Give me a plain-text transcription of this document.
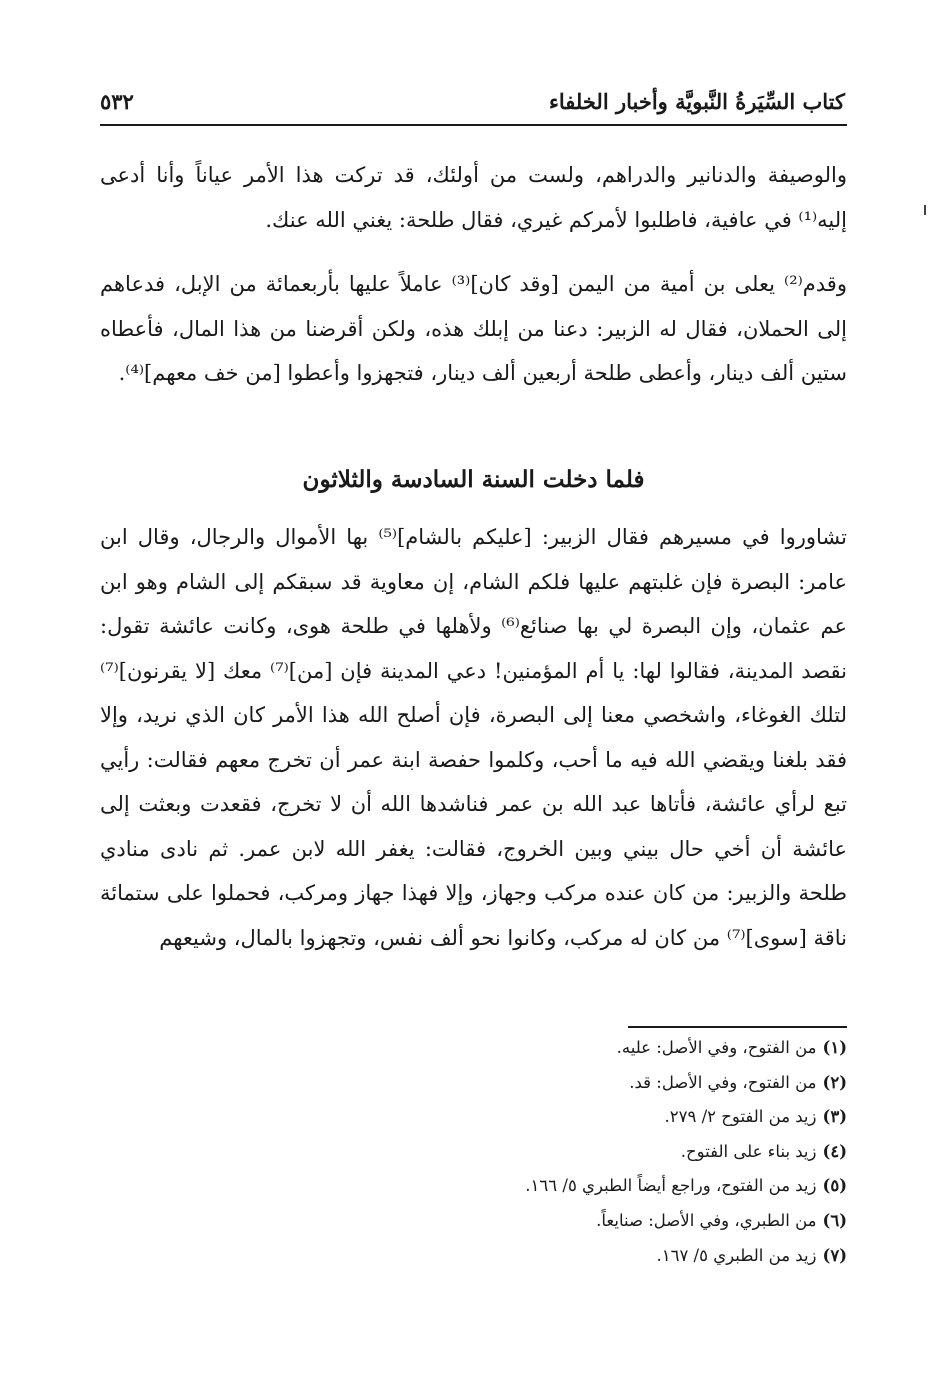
كتاب السِّيَرةُ النَّبويَّة وأخبار الخلفاء
٥٣٢
والوصيفة والدنانير والدراهم، ولست من أولئك، قد تركت هذا الأمر عياناً وأنا أدعى إليه⁽¹⁾ في عافية، فاطلبوا لأمركم غيري، فقال طلحة: يغني الله عنك.
وقدم⁽²⁾ يعلى بن أمية من اليمن [وقد كان]⁽³⁾ عاملاً عليها بأربعمائة من الإبل، فدعاهم إلى الحملان، فقال له الزبير: دعنا من إبلك هذه، ولكن أقرضنا من هذا المال، فأعطاه ستين ألف دينار، وأعطى طلحة أربعين ألف دينار، فتجهزوا وأعطوا [من خف معهم]⁽⁴⁾.
فلما دخلت السنة السادسة والثلاثون
تشاوروا في مسيرهم فقال الزبير: [عليكم بالشام]⁽⁵⁾ بها الأموال والرجال، وقال ابن عامر: البصرة فإن غلبتهم عليها فلكم الشام، إن معاوية قد سبقكم إلى الشام وهو ابن عم عثمان، وإن البصرة لي بها صنائع⁽⁶⁾ ولأهلها في طلحة هوى، وكانت عائشة تقول: نقصد المدينة، فقالوا لها: يا أم المؤمنين! دعي المدينة فإن [من]⁽⁷⁾ معك [لا يقرنون]⁽⁷⁾ لتلك الغوغاء، واشخصي معنا إلى البصرة، فإن أصلح الله هذا الأمر كان الذي نريد، وإلا فقد بلغنا ويقضي الله فيه ما أحب، وكلموا حفصة ابنة عمر أن تخرج معهم فقالت: رأيي تبع لرأي عائشة، فأتاها عبد الله بن عمر فناشدها الله أن لا تخرج، فقعدت وبعثت إلى عائشة أن أخي حال بيني وبين الخروج، فقالت: يغفر الله لابن عمر. ثم نادى منادي طلحة والزبير: من كان عنده مركب وجهاز، وإلا فهذا جهاز ومركب، فحملوا على ستمائة ناقة [سوى]⁽⁷⁾ من كان له مركب، وكانوا نحو ألف نفس، وتجهزوا بالمال، وشيعهم
(١)من الفتوح، وفي الأصل: عليه.
(٢)من الفتوح، وفي الأصل: قد.
(٣)زيد من الفتوح ٢/ ٢٧٩.
(٤)زيد بناء على الفتوح.
(٥)زيد من الفتوح، وراجع أيضاً الطبري ٥/ ١٦٦.
(٦)من الطبري، وفي الأصل: صنايعاً.
(٧)زيد من الطبري ٥/ ١٦٧.
